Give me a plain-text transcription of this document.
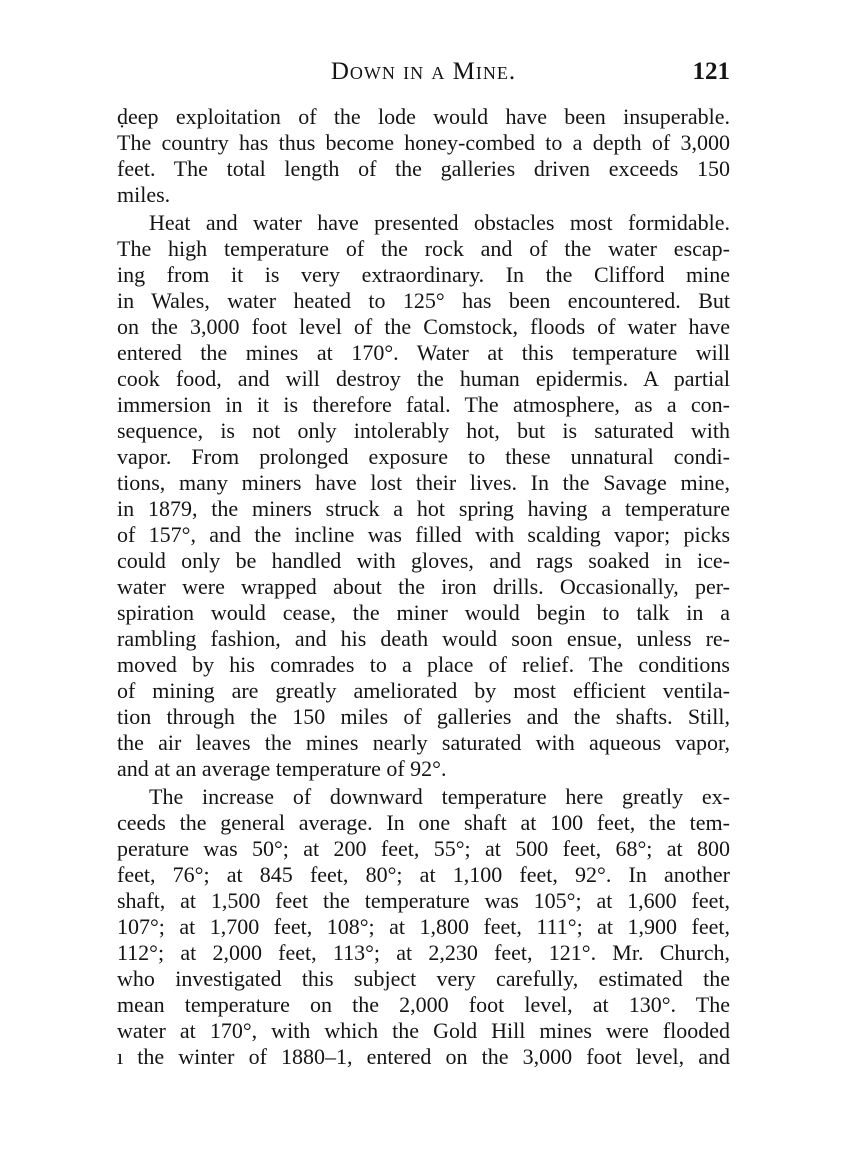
Down in a Mine.	121
ḍeep exploitation of the lode would have been insuperable.
The country has thus become honey-combed to a depth of 3,000
feet. The total length of the galleries driven exceeds 150
miles.
Heat and water have presented obstacles most formidable.
The high temperature of the rock and of the water escap-
ing from it is very extraordinary. In the Clifford mine
in Wales, water heated to 125° has been encountered. But
on the 3,000 foot level of the Comstock, floods of water have
entered the mines at 170°. Water at this temperature will
cook food, and will destroy the human epidermis. A partial
immersion in it is therefore fatal. The atmosphere, as a con-
sequence, is not only intolerably hot, but is saturated with
vapor. From prolonged exposure to these unnatural condi-
tions, many miners have lost their lives. In the Savage mine,
in 1879, the miners struck a hot spring having a temperature
of 157°, and the incline was filled with scalding vapor; picks
could only be handled with gloves, and rags soaked in ice-
water were wrapped about the iron drills. Occasionally, per-
spiration would cease, the miner would begin to talk in a
rambling fashion, and his death would soon ensue, unless re-
moved by his comrades to a place of relief. The conditions
of mining are greatly ameliorated by most efficient ventila-
tion through the 150 miles of galleries and the shafts. Still,
the air leaves the mines nearly saturated with aqueous vapor,
and at an average temperature of 92°.
The increase of downward temperature here greatly ex-
ceeds the general average. In one shaft at 100 feet, the tem-
perature was 50°; at 200 feet, 55°; at 500 feet, 68°; at 800
feet, 76°; at 845 feet, 80°; at 1,100 feet, 92°. In another
shaft, at 1,500 feet the temperature was 105°; at 1,600 feet,
107°; at 1,700 feet, 108°; at 1,800 feet, 111°; at 1,900 feet,
112°; at 2,000 feet, 113°; at 2,230 feet, 121°. Mr. Church,
who investigated this subject very carefully, estimated the
mean temperature on the 2,000 foot level, at 130°. The
water at 170°, with which the Gold Hill mines were flooded
ı the winter of 1880–1, entered on the 3,000 foot level, and
